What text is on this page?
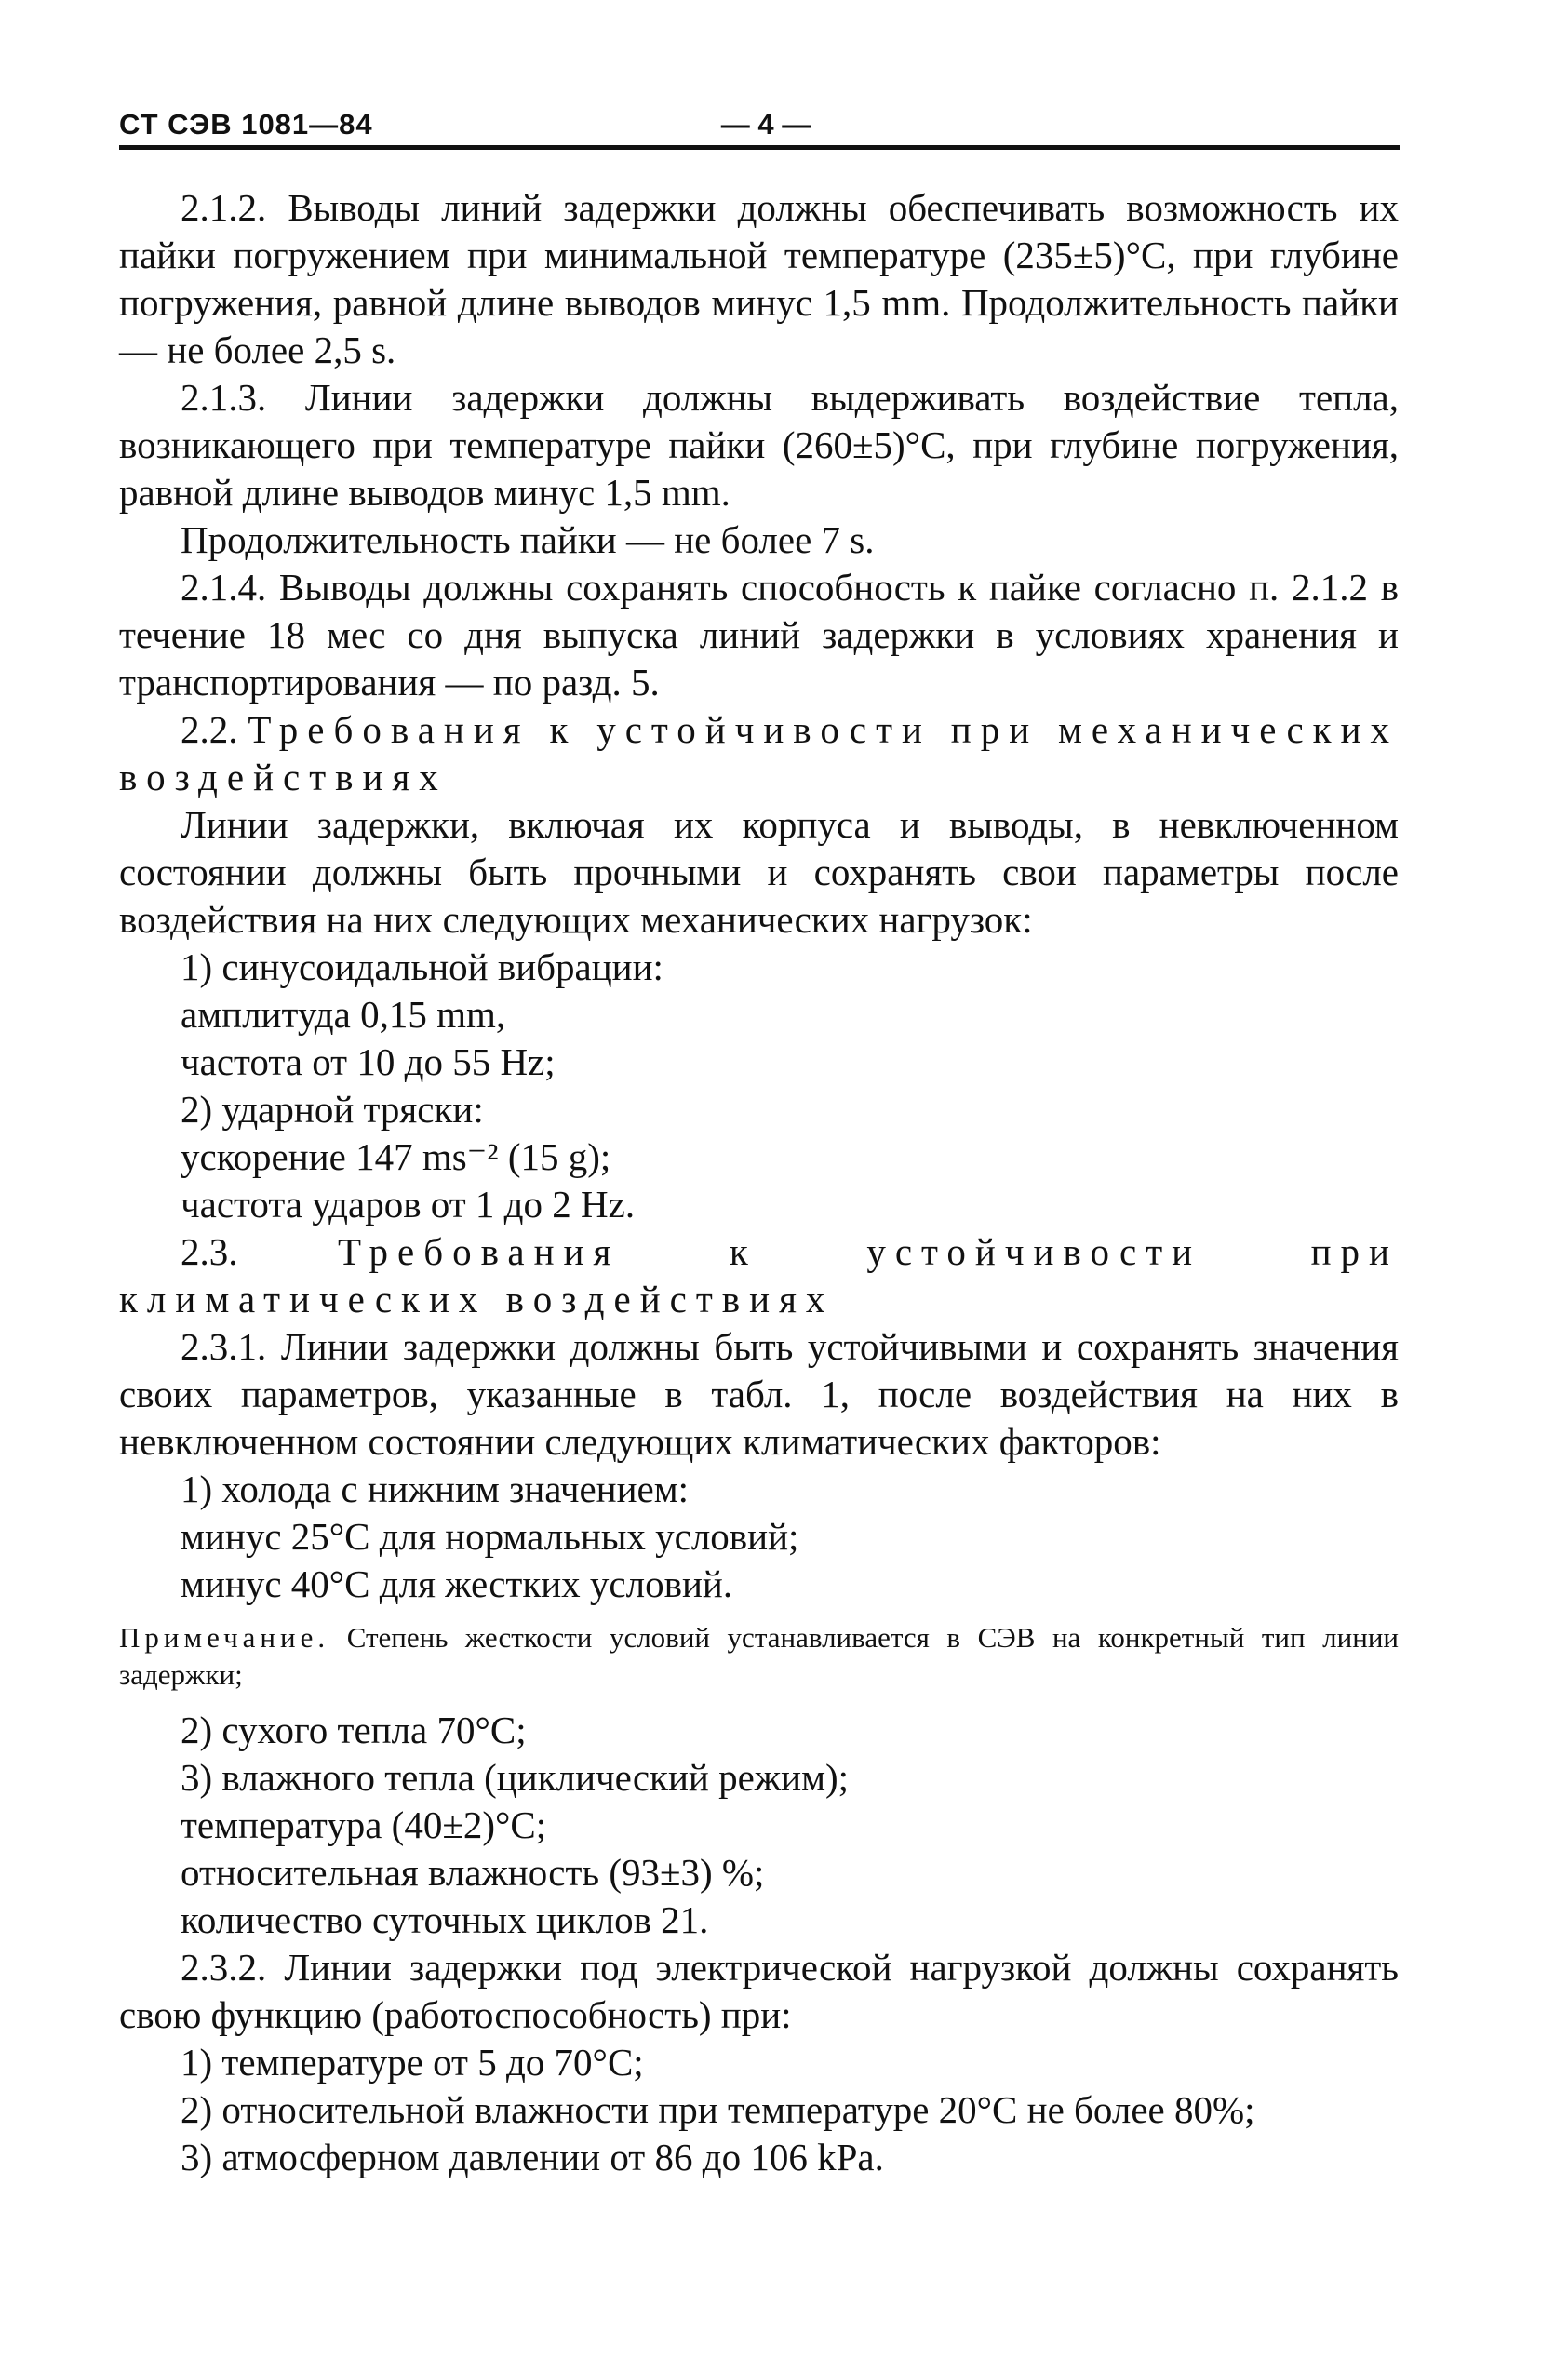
СТ СЭВ 1081—84	— 4 —

2.1.2. Выводы линий задержки должны обеспечивать возможность их пайки погружением при минимальной температуре (235±5)°С, при глубине погружения, равной длине выводов минус 1,5 mm. Продолжительность пайки — не более 2,5 s.

2.1.3. Линии задержки должны выдерживать воздействие тепла, возникающего при температуре пайки (260±5)°С, при глубине погружения, равной длине выводов минус 1,5 mm.

Продолжительность пайки — не более 7 s.

2.1.4. Выводы должны сохранять способность к пайке согласно п. 2.1.2 в течение 18 мес со дня выпуска линий задержки в условиях хранения и транспортирования — по разд. 5.

2.2. Требования к устойчивости при механических воздействиях

Линии задержки, включая их корпуса и выводы, в невключенном состоянии должны быть прочными и сохранять свои параметры после воздействия на них следующих механических нагрузок:

1) синусоидальной вибрации:
амплитуда 0,15 mm,
частота от 10 до 55 Hz;
2) ударной тряски:
ускорение 147 ms⁻² (15 g);
частота ударов от 1 до 2 Hz.

2.3.	Требования к устойчивости при климатических воздействиях

2.3.1. Линии задержки должны быть устойчивыми и сохранять значения своих параметров, указанные в табл. 1, после воздействия на них в невключенном состоянии следующих климатических факторов:

1) холода с нижним значением:
минус 25°С для нормальных условий;
минус 40°С для жестких условий.

Примечание. Степень жесткости условий устанавливается в СЭВ на конкретный тип линии задержки;

2) сухого тепла 70°С;
3) влажного тепла (циклический режим);
температура (40±2)°С;
относительная влажность (93±3) %;
количество суточных циклов 21.

2.3.2. Линии задержки под электрической нагрузкой должны сохранять свою функцию (работоспособность) при:

1) температуре от 5 до 70°С;

2) относительной влажности при температуре 20°С не более 80%;

3) атмосферном давлении от 86 до 106 kPa.
